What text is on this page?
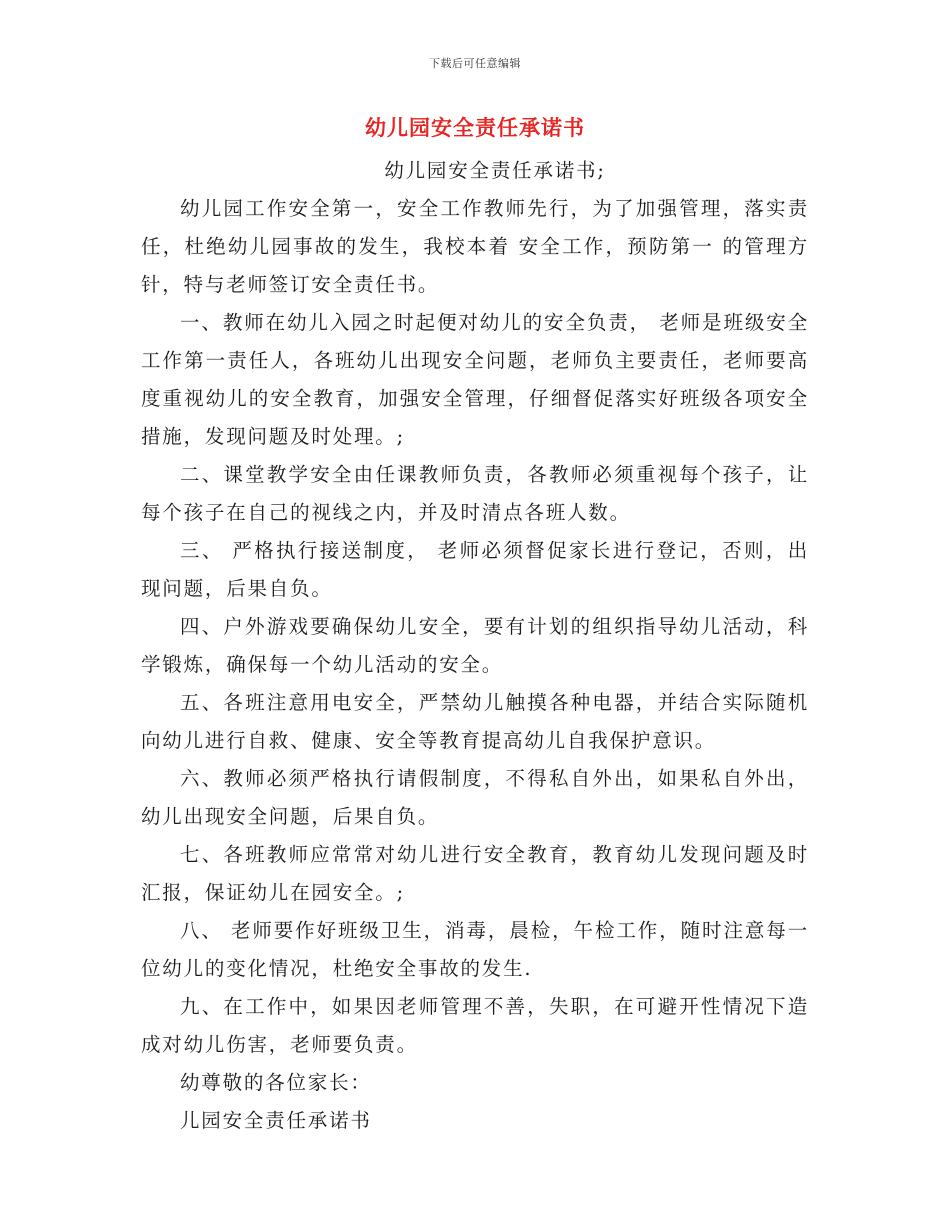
下载后可任意编辑
幼儿园安全责任承诺书

幼儿园安全责任承诺书;

幼儿园工作安全第一，安全工作教师先行，为了加强管理，落实责任，杜绝幼儿园事故的发生，我校本着 安全工作，预防第一 的管理方针，特与老师签订安全责任书。

一、教师在幼儿入园之时起便对幼儿的安全负责， 老师是班级安全工作第一责任人，各班幼儿出现安全问题，老师负主要责任，老师要高度重视幼儿的安全教育，加强安全管理，仔细督促落实好班级各项安全措施，发现问题及时处理。;

二、课堂教学安全由任课教师负责，各教师必须重视每个孩子，让每个孩子在自己的视线之内，并及时清点各班人数。

三、 严格执行接送制度， 老师必须督促家长进行登记，否则，出现问题，后果自负。

四、户外游戏要确保幼儿安全，要有计划的组织指导幼儿活动，科学锻炼，确保每一个幼儿活动的安全。

五、各班注意用电安全，严禁幼儿触摸各种电器，并结合实际随机向幼儿进行自救、健康、安全等教育提高幼儿自我保护意识。

六、教师必须严格执行请假制度，不得私自外出，如果私自外出，幼儿出现安全问题，后果自负。

七、各班教师应常常对幼儿进行安全教育，教育幼儿发现问题及时汇报，保证幼儿在园安全。;

八、 老师要作好班级卫生，消毒，晨检，午检工作，随时注意每一位幼儿的变化情况，杜绝安全事故的发生.

九、在工作中，如果因老师管理不善，失职，在可避开性情况下造成对幼儿伤害，老师要负责。

幼尊敬的各位家长：

儿园安全责任承诺书
